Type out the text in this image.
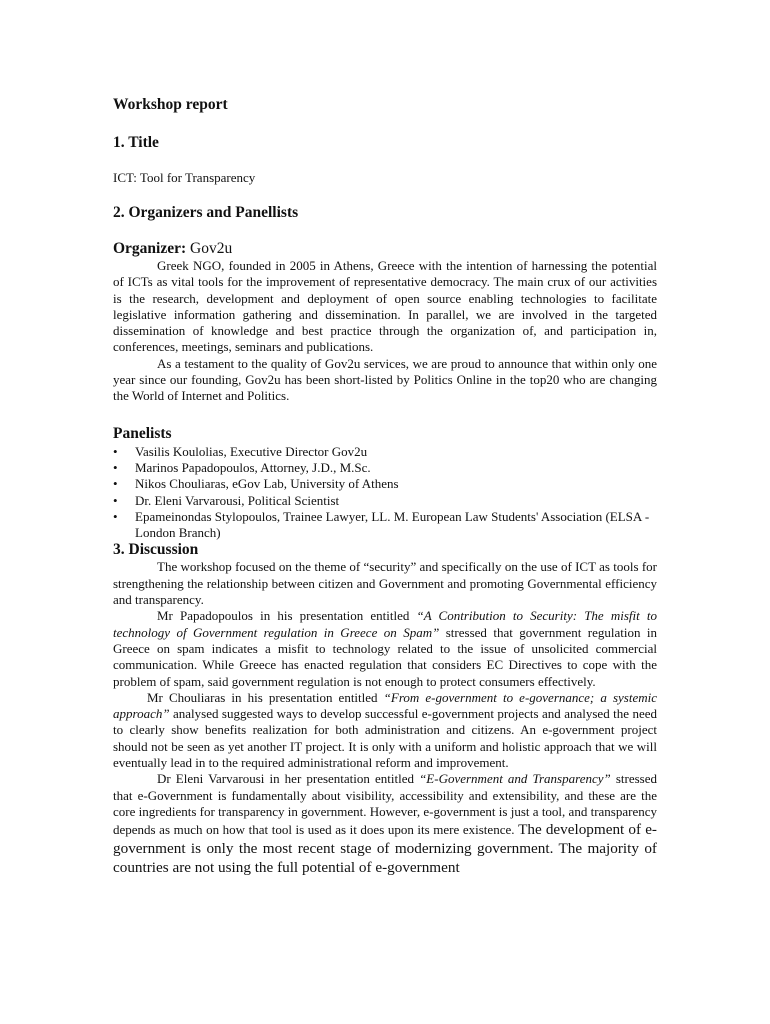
Workshop report
1. Title

ICT: Tool for Transparency

2. Organizers and Panellists

Organizer: Gov2u

Greek NGO, founded in 2005 in Athens, Greece with the intention of harnessing the potential of ICTs as vital tools for the improvement of representative democracy. The main crux of our activities is the research, development and deployment of open source enabling technologies to facilitate legislative information gathering and dissemination. In parallel, we are involved in the targeted dissemination of knowledge and best practice through the organization of, and participation in, conferences, meetings, seminars and publications.

As a testament to the quality of Gov2u services, we are proud to announce that within only one year since our founding, Gov2u has been short-listed by Politics Online in the top20 who are changing the World of Internet and Politics.

Panelists

• Vasilis Koulolias, Executive Director Gov2u
• Marinos Papadopoulos, Attorney, J.D., M.Sc.
• Nikos Chouliaras, eGov Lab, University of Athens
• Dr. Eleni Varvarousi, Political Scientist
• Epameinondas Stylopoulos, Trainee Lawyer, LL. M. European Law Students' Association (ELSA - London Branch)
3. Discussion

The workshop focused on the theme of “security” and specifically on the use of ICT as tools for strengthening the relationship between citizen and Government and promoting Governmental efficiency and transparency.

Mr Papadopoulos in his presentation entitled “A Contribution to Security: The misfit to technology of Government regulation in Greece on Spam” stressed that government regulation in Greece on spam indicates a misfit to technology related to the issue of unsolicited commercial communication. While Greece has enacted regulation that considers EC Directives to cope with the problem of spam, said government regulation is not enough to protect consumers effectively.

Mr Chouliaras in his presentation entitled “From e-government to e-governance; a systemic approach” analysed suggested ways to develop successful e-government projects and analysed the need to clearly show benefits realization for both administration and citizens. An e-government project should not be seen as yet another IT project. It is only with a uniform and holistic approach that we will eventually lead in to the required administrational reform and improvement.

Dr Eleni Varvarousi in her presentation entitled “E-Government and Transparency” stressed that e-Government is fundamentally about visibility, accessibility and extensibility, and these are the core ingredients for transparency in government. However, e-government is just a tool, and transparency depends as much on how that tool is used as it does upon its mere existence. The development of e-government is only the most recent stage of modernizing government. The majority of countries are not using the full potential of e-government
